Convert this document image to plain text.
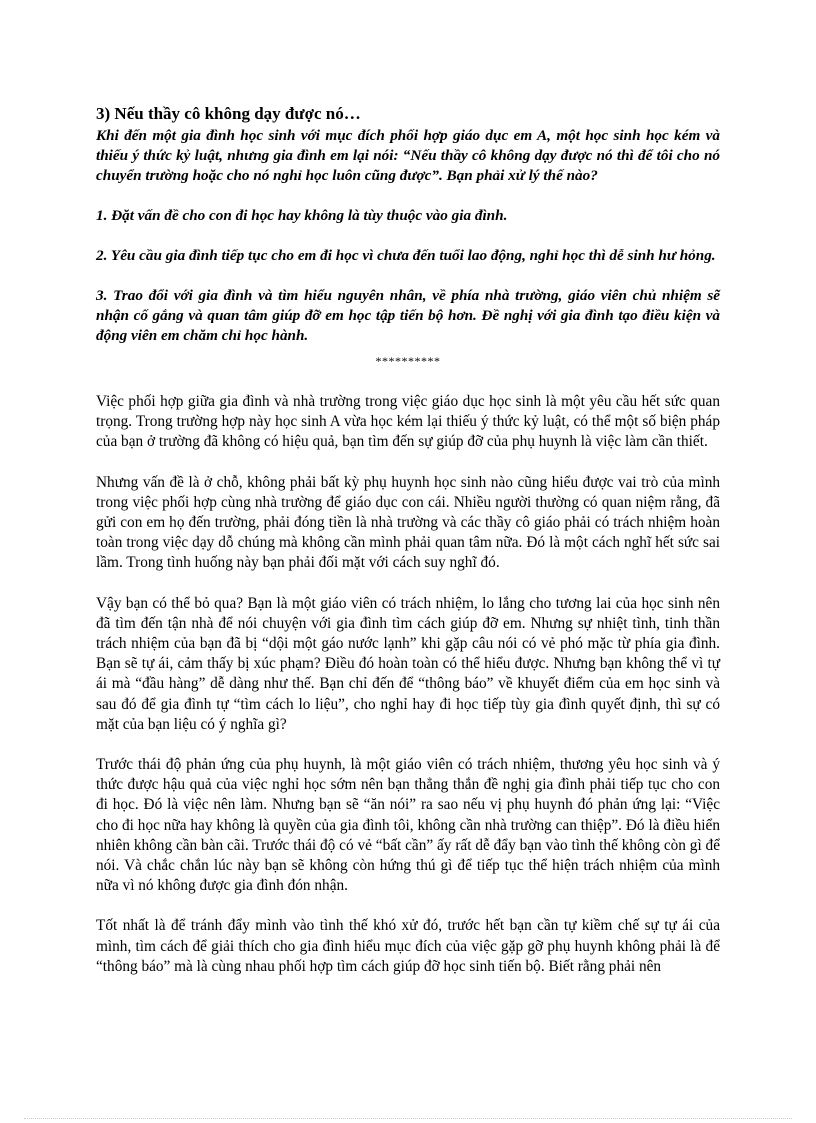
3) Nếu thầy cô không dạy được nó…
Khi đến một gia đình học sinh với mục đích phối hợp giáo dục em A, một học sinh học kém và thiếu ý thức kỷ luật, nhưng gia đình em lại nói: “Nếu thầy cô không dạy được nó thì để tôi cho nó chuyển trường hoặc cho nó nghỉ học luôn cũng được”. Bạn phải xử lý thế nào?
1. Đặt vấn đề cho con đi học hay không là tùy thuộc vào gia đình.
2. Yêu cầu gia đình tiếp tục cho em đi học vì chưa đến tuổi lao động, nghỉ học thì dễ sinh hư hỏng.
3. Trao đổi với gia đình và tìm hiểu nguyên nhân, về phía nhà trường, giáo viên chủ nhiệm sẽ nhận cố gắng và quan tâm giúp đỡ em học tập tiến bộ hơn. Đề nghị với gia đình tạo điều kiện và động viên em chăm chỉ học hành.
**********
Việc phối hợp giữa gia đình và nhà trường trong việc giáo dục học sinh là một yêu cầu hết sức quan trọng. Trong trường hợp này học sinh A vừa học kém lại thiếu ý thức kỷ luật, có thể một số biện pháp của bạn ở trường đã không có hiệu quả, bạn tìm đến sự giúp đỡ của phụ huynh là việc làm cần thiết.
Nhưng vấn đề là ở chỗ, không phải bất kỳ phụ huynh học sinh nào cũng hiểu được vai trò của mình trong việc phối hợp cùng nhà trường để giáo dục con cái. Nhiều người thường có quan niệm rằng, đã gửi con em họ đến trường, phải đóng tiền là nhà trường và các thầy cô giáo phải có trách nhiệm hoàn toàn trong việc dạy dỗ chúng mà không cần mình phải quan tâm nữa. Đó là một cách nghĩ hết sức sai lầm. Trong tình huống này bạn phải đối mặt với cách suy nghĩ đó.
Vậy bạn có thể bỏ qua? Bạn là một giáo viên có trách nhiệm, lo lắng cho tương lai của học sinh nên đã tìm đến tận nhà để nói chuyện với gia đình tìm cách giúp đỡ em. Nhưng sự nhiệt tình, tinh thần trách nhiệm của bạn đã bị “dội một gáo nước lạnh” khi gặp câu nói có vẻ phó mặc từ phía gia đình. Bạn sẽ tự ái, cảm thấy bị xúc phạm? Điều đó hoàn toàn có thể hiểu được. Nhưng bạn không thể vì tự ái mà “đầu hàng” dễ dàng như thế. Bạn chỉ đến để “thông báo” về khuyết điểm của em học sinh và sau đó để gia đình tự “tìm cách lo liệu”, cho nghỉ hay đi học tiếp tùy gia đình quyết định, thì sự có mặt của bạn liệu có ý nghĩa gì?
Trước thái độ phản ứng của phụ huynh, là một giáo viên có trách nhiệm, thương yêu học sinh và ý thức được hậu quả của việc nghỉ học sớm nên bạn thẳng thắn đề nghị gia đình phải tiếp tục cho con đi học. Đó là việc nên làm. Nhưng bạn sẽ “ăn nói” ra sao nếu vị phụ huynh đó phản ứng lại: “Việc cho đi học nữa hay không là quyền của gia đình tôi, không cần nhà trường can thiệp”. Đó là điều hiển nhiên không cần bàn cãi. Trước thái độ có vẻ “bất cần” ấy rất dễ đẩy bạn vào tình thế không còn gì để nói. Và chắc chắn lúc này bạn sẽ không còn hứng thú gì để tiếp tục thể hiện trách nhiệm của mình nữa vì nó không được gia đình đón nhận.
Tốt nhất là để tránh đẩy mình vào tình thế khó xử đó, trước hết bạn cần tự kiềm chế sự tự ái của mình, tìm cách để giải thích cho gia đình hiểu mục đích của việc gặp gỡ phụ huynh không phải là để “thông báo” mà là cùng nhau phối hợp tìm cách giúp đỡ học sinh tiến bộ. Biết rằng phải nên
